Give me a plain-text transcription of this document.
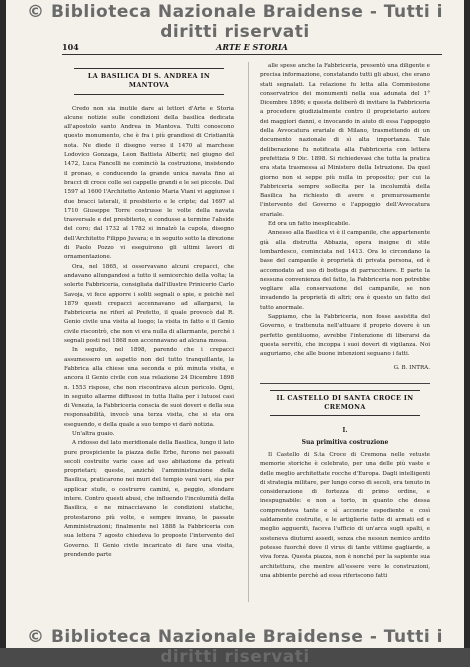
© Biblioteca Nazionale Braidense - Tutti i diritti riservati
104	ARTE E STORIA
LA BASILICA DI S. ANDREA IN MANTOVA

Credo non sia inutile dare ai lettori d'Arte e Storia alcune notizie sulle condizioni della basilica dedicata all'apostolo santo Andrea in Mantova. Tutti conoscono questo monumento, che è fra i più grandiosi di Cristianità nota. Ne diede il disegno verso il 1470 al marchese Lodovico Gonzaga, Leon Battista Alberti; nel giugno del 1472, Luca Fancelli ne cominciò la costruzione, insistendo il pronao, e conducendo la grande unica navata fino ai bracci di croce colle sei cappelle grandi e le sei piccole. Dal 1597 al 1600 l'Architetto Antonio Maria Viani vi aggiunse i due bracci laterali, il presbiterio e le cripte; dal 1697 al 1710 Giuseppe Torre costrusse le volte della navata trasversale e del presbiterio, e condusse a termine l'abside del coro; dal 1732 al 1782 si innalzò la cupola, disegno dell'Architetto Filippo Juvara; e in seguito sotto la direzione di Paolo Pozzo vi eseguirono gli ultimi lavori di ornamentazione.

Ora, nel 1865, si osservavano alcuni crepacci, che andavano allungandosi a tutto il semicerchio della volta; la solerte Fabbriceria, consigliata dall'illustre Prinicerio Carlo Savoja, vi fece apporre i soliti segnali o spie, e poichè nel 1879 questi crepacci accennavano ad allargarsi, la Fabbriceria ne riferì al Prefetto, il quale provocò dal R. Genio civile una visita al luogo; la visita in fatto e il Genio civile riscontrò, che non vi era nulla di allarmante, perchè i segnali posti nel 1868 non accennavano ad alcuna mossa.

In seguito, nel 1898, parendo che i crepacci assumessero un aspetto non del tutto tranquillante, la Fabbrica alla chiese una seconda e più minuta visita, e ancora il Genio civile con sua relazione 24 Dicembre 1898 n. 1553 rispose, che non riscontrava alcun pericolo. Ogni, in seguito allarme diffusosi in tutta Italia per i lutuosi casi di Venezia, la Fabbriceria conscia de suoi doveri e della sua responsabilità, invocò una terza visita, che si sta ora eseguendo, e della quale a suo tempo vi darò notizia.

Un'altra guaio.

A ridosso del lato meridionale della Basilica, lungo il lato pure prospiciente la piazza delle Erbe, furono nei passati secoli costruite varie case ad uso abitazione da privati proprietari; queste, anzichè l'amministrazione della Basilica, praticarono nei muri del tempio vani vari, sia per applicar stufe, o costrurre camini, e, peggio, sfondare intere. Contro questi abusi, che influendo l'incolumità della Basilica, e ne minacciavano le condizioni statiche, protestarono più volte, e sempre invano, le passate Amministrazioni; finalmente nel 1888 la Fabbriceria con sua lettera 7 agosto chiedeva lo proposte l'intervento del Governo. Il Genio civile incaricato di fare una visita, prendendo parte

alle spese anche la Fabbriceria, presentò una diligente e precisa informazione, constatando tutti gli abusi, che erano stati segnalati. La relazione fu letta alla Commissione conservatrice dei monumenti nella sua adunata del 1° Dicembre 1896; e questa deliberò di invitare la Fabbriceria a procedere giudizialmente contro il proprietario autore dei maggiori danni, e invocando in aiuto di essa l'appoggio della Avvocatura erariale di Milano, trasmettendo di un documento nazionale di sì alta importanza. Tale deliberazione fu notificata alla Fabbriceria con lettera prefettizia 9 Dic. 1898. Si richiedevasi che tutta la pratica era stata trasmessa al Ministero della Istruzione. Da quel giorno non si seppe più nulla in proposito; per cui la Fabbriceria sempre sollecita per la incolumità della Basilica ha richiesto di avere e premurosamente l'intervento del Governo e l'appoggio dell'Avvocatura erariale.

Ed ora un fatto inesplicabile.

Annesso alla Basilica vi è il campanile, che appartenente già alla distrutta Abbazia, opera insigne di stile lombardesco, cominciata nel 1413. Ora lo circondano la base del campanile è proprietà di privata persona, ed è accomodato ad uso di bottega di parrucchiere. E parte la nessuna convenienza del fatto, la Fabbriceria non potrebbe vegliare alla conservazione del campanile, se non invadendo la proprietà di altri; ora è questo un fatto del tutto anormale.

Sappiamo, che la Fabbriceria, non fosse assistita del Governo, e trattenuta nell'attuare il proprio dovere è un perfetto gentiluomo, avrebbe l'intenzione di liberarsi da questa servitù, che incoppa i suoi doveri di vigilanza. Noi auguriamo, che alle buone intenzioni seguano i fatti.

G. B. INTRA.
IL CASTELLO DI SANTA CROCE IN CREMONA
I.
Sua primitiva costruzione

Il Castello di S.ta Croce di Cremona nelle vetuste memorie storiche è celebrato, per una delle più vaste e delle meglio architettate rocche d'Europa. Dagli intelligenti di strategia militare, per lungo corso di secoli, era tenuto in considerazione di fortezza di primo ordine, e inespugnabile: e non a torto, in quanto che dessa comprendeva tante e sì acconcie espediente e così saldamente costruite, e le artiglierie fatte di armati ed e meglio aggueriti, faceva l'ufficio di un'arca sugli spalti, e sosteneva diuturni assedi, senza che nessun nemico ardito potesse fuorché dove il virus di tante vittime gagliarde, a viva forza. Questa piazza, non è nonché per la sapiente sua architettura, che mentre all'essere vere le construzioni, una abbiente perchè ad essa riferiscono fatti

© Biblioteca Nazionale Braidense - Tutti i diritti riservati
